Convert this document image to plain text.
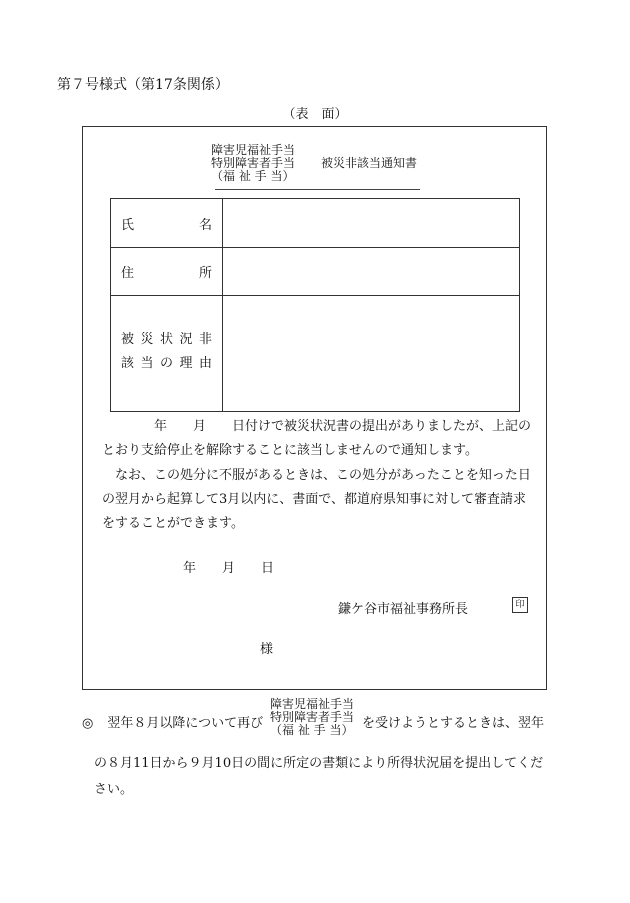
第７号様式（第17条関係）
（表　面）
障害児福祉手当
特別障害者手当
（福 祉 手 当）
被災非該当通知書
氏　　　　名
住　　　　所
被災状況非
該当の理由
　　　　年　　月　　日付けで被災状況書の提出がありましたが、上記の
とおり支給停止を解除することに該当しませんので通知します。
　なお、この処分に不服があるときは、この処分があったことを知った日
の翌月から起算して3月以内に、書面で、都道府県知事に対して審査請求
をすることができます。
年　　月　　日
鎌ケ谷市福祉事務所長	印
様
◎ 翌年８月以降について再び
障害児福祉手当
特別障害者手当
（福 祉 手 当） を受けようとするときは、翌年
の８月11日から９月10日の間に所定の書類により所得状況届を提出してくだ
さい。
